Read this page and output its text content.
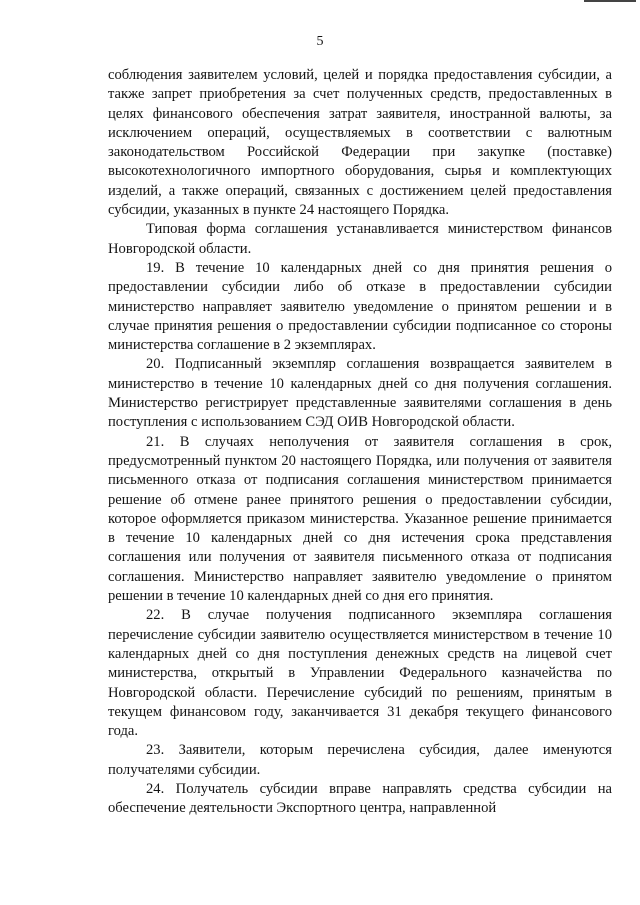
5

соблюдения заявителем условий, целей и порядка предоставления субсидии, а также запрет приобретения за счет полученных средств, предоставленных в целях финансового обеспечения затрат заявителя, иностранной валюты, за исключением операций, осуществляемых в соответствии с валютным законодательством Российской Федерации при закупке (поставке) высокотехнологичного импортного оборудования, сырья и комплектующих изделий, а также операций, связанных с достижением целей предоставления субсидии, указанных в пункте 24 настоящего Порядка.

Типовая форма соглашения устанавливается министерством финансов Новгородской области.

19. В течение 10 календарных дней со дня принятия решения о предоставлении субсидии либо об отказе в предоставлении субсидии министерство направляет заявителю уведомление о принятом решении и в случае принятия решения о предоставлении субсидии подписанное со стороны министерства соглашение в 2 экземплярах.

20. Подписанный экземпляр соглашения возвращается заявителем в министерство в течение 10 календарных дней со дня получения соглашения. Министерство регистрирует представленные заявителями соглашения в день поступления с использованием СЭД ОИВ Новгородской области.

21. В случаях неполучения от заявителя соглашения в срок, предусмотренный пунктом 20 настоящего Порядка, или получения от заявителя письменного отказа от подписания соглашения министерством принимается решение об отмене ранее принятого решения о предоставлении субсидии, которое оформляется приказом министерства. Указанное решение принимается в течение 10 календарных дней со дня истечения срока представления соглашения или получения от заявителя письменного отказа от подписания соглашения. Министерство направляет заявителю уведомление о принятом решении в течение 10 календарных дней со дня его принятия.

22. В случае получения подписанного экземпляра соглашения перечисление субсидии заявителю осуществляется министерством в течение 10 календарных дней со дня поступления денежных средств на лицевой счет министерства, открытый в Управлении Федерального казначейства по Новгородской области. Перечисление субсидий по решениям, принятым в текущем финансовом году, заканчивается 31 декабря текущего финансового года.

23. Заявители, которым перечислена субсидия, далее именуются получателями субсидии.

24. Получатель субсидии вправе направлять средства субсидии на обеспечение деятельности Экспортного центра, направленной
